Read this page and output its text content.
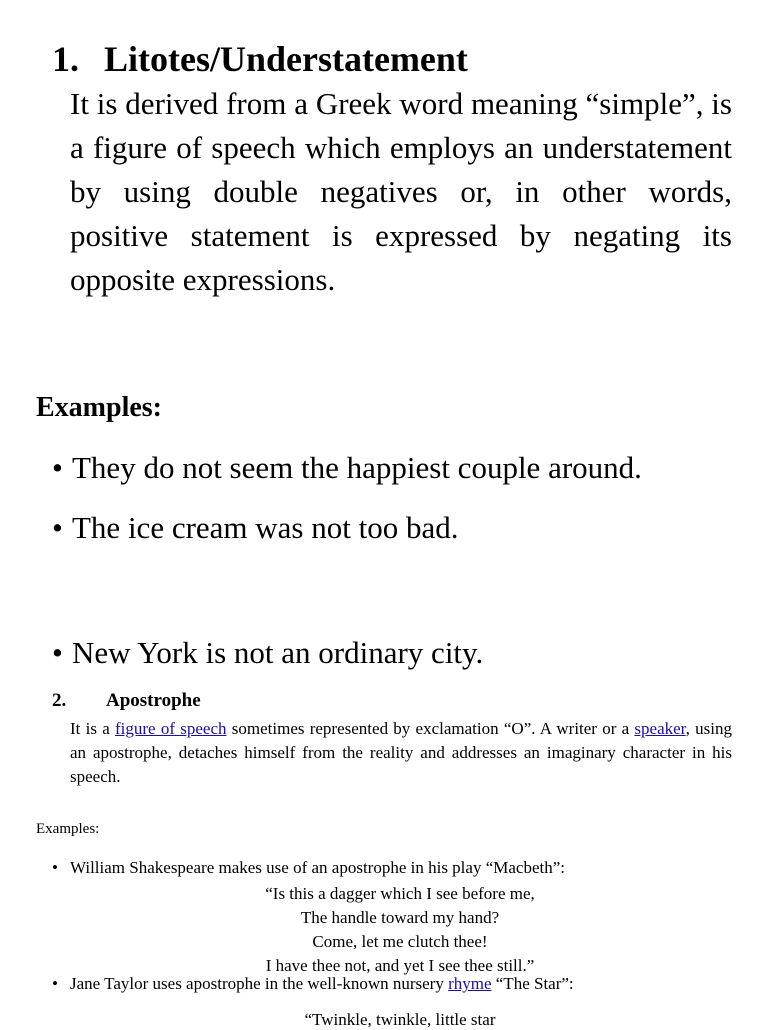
1. Litotes/Understatement
It is derived from a Greek word meaning “simple”, is a figure of speech which employs an understatement by using double negatives or, in other words, positive statement is expressed by negating its opposite expressions.
Examples:
• They do not seem the happiest couple around.
• The ice cream was not too bad.
• New York is not an ordinary city.
2. Apostrophe
It is a figure of speech sometimes represented by exclamation “O”. A writer or a speaker, using an apostrophe, detaches himself from the reality and addresses an imaginary character in his speech.
Examples:
• William Shakespeare makes use of an apostrophe in his play “Macbeth”:
“Is this a dagger which I see before me,
The handle toward my hand?
Come, let me clutch thee!
I have thee not, and yet I see thee still.”
• Jane Taylor uses apostrophe in the well-known nursery rhyme “The Star”:
“Twinkle, twinkle, little star
